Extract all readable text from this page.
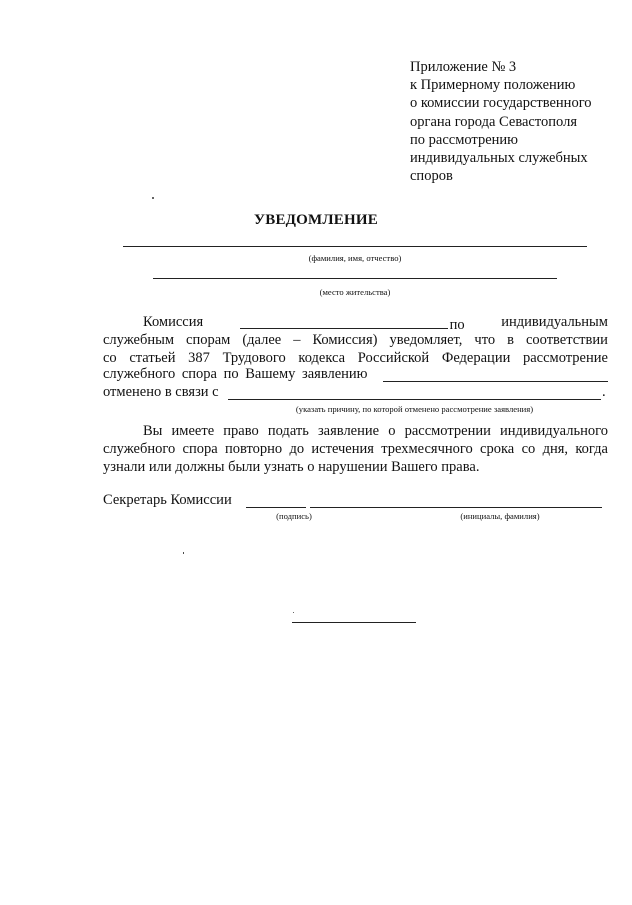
Приложение № 3
к Примерному положению
о комиссии государственного
органа города Севастополя
по рассмотрению
индивидуальных служебных
споров
УВЕДОМЛЕНИЕ
(фамилия, имя, отчество)
(место жительства)
Комиссия	по	индивидуальным
служебным спорам (далее – Комиссия) уведомляет, что в соответствии
со статьей 387 Трудового кодекса Российской Федерации рассмотрение
служебного спора по Вашему заявлению
отменено в связи с	.
(указать причину, по которой отменено рассмотрение заявления)
Вы имеете право подать заявление о рассмотрении индивидуального
служебного спора повторно до истечения трехмесячного срока со дня, когда
узнали или должны были узнать о нарушении Вашего права.
Секретарь Комиссии
(подпись)	(инициалы, фамилия)
